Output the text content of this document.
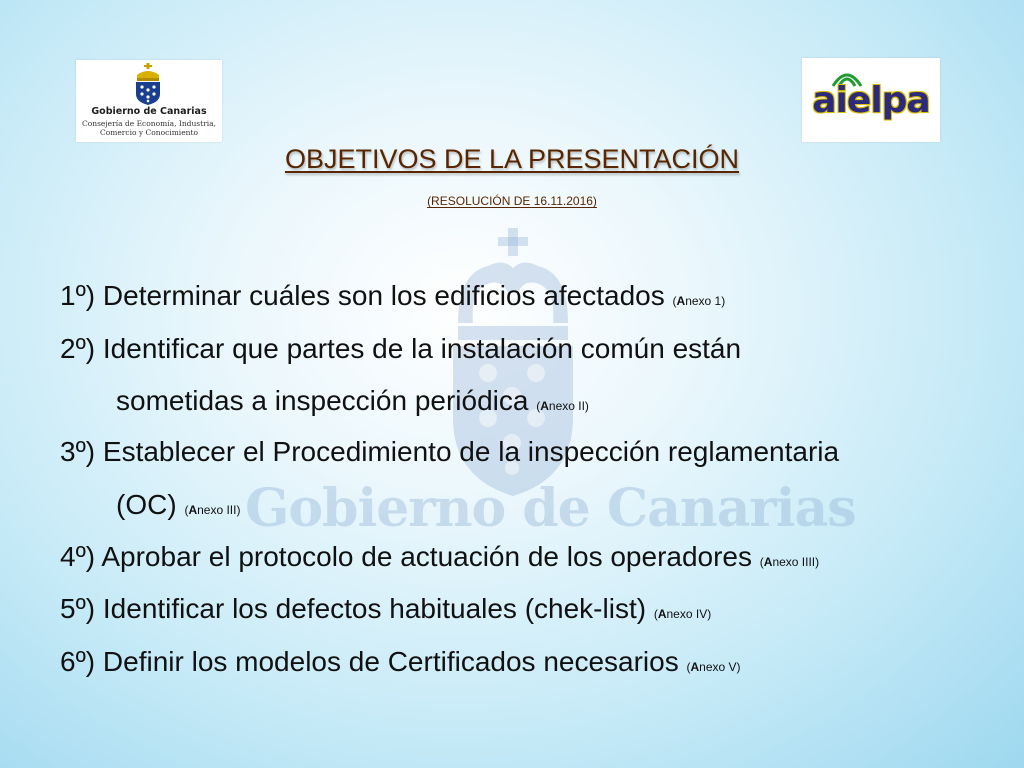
Gobierno de Canarias
Gobierno de Canarias
Consejería de Economía, Industria,
Comercio y Conocimiento
aielpa
OBJETIVOS DE LA PRESENTACIÓN
(RESOLUCIÓN DE 16.11.2016)
1º) Determinar cuáles son los edificios afectados (Anexo 1)
2º) Identificar que partes de la instalación común están
sometidas a inspección periódica (Anexo II)
3º) Establecer el Procedimiento de la inspección reglamentaria
(OC) (Anexo III)
4º) Aprobar el protocolo de actuación de los operadores (Anexo IIII)
5º) Identificar los defectos habituales (chek-list) (Anexo IV)
6º) Definir los modelos de Certificados necesarios (Anexo V)
